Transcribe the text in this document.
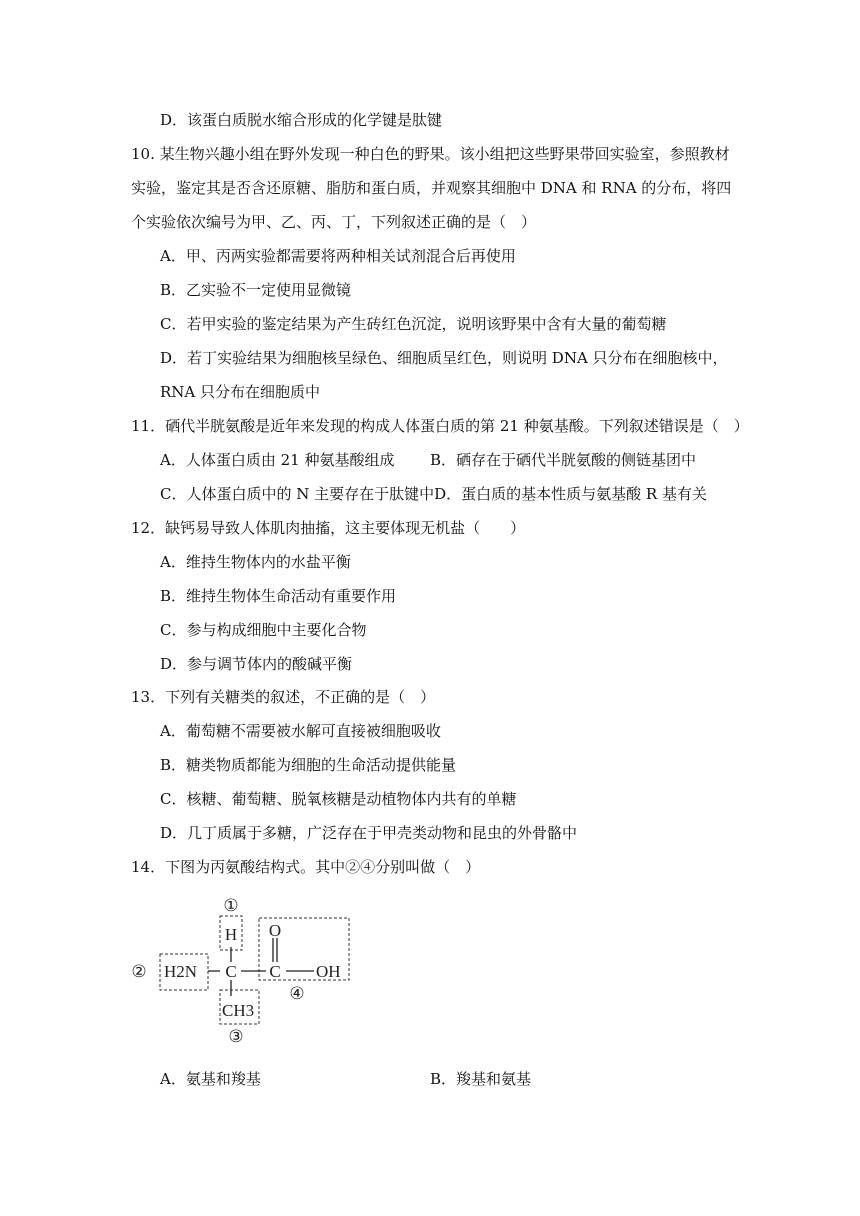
D．该蛋白质脱水缩合形成的化学键是肽键
10. 某生物兴趣小组在野外发现一种白色的野果。该小组把这些野果带回实验室，参照教材
实验，鉴定其是否含还原糖、脂肪和蛋白质，并观察其细胞中 DNA 和 RNA 的分布，将四
个实验依次编号为甲、乙、丙、丁，下列叙述正确的是（　）
A．甲、丙两实验都需要将两种相关试剂混合后再使用
B．乙实验不一定使用显微镜
C．若甲实验的鉴定结果为产生砖红色沉淀，说明该野果中含有大量的葡萄糖
D．若丁实验结果为细胞核呈绿色、细胞质呈红色，则说明 DNA 只分布在细胞核中，
RNA 只分布在细胞质中
11．硒代半胱氨酸是近年来发现的构成人体蛋白质的第 21 种氨基酸。下列叙述错误是（　）
A．人体蛋白质由 21 种氨基酸组成 B．硒存在于硒代半胱氨酸的侧链基团中
C．人体蛋白质中的 N 主要存在于肽键中D．蛋白质的基本性质与氨基酸 R 基有关
12．缺钙易导致人体肌肉抽搐，这主要体现无机盐（　　）
A．维持生物体内的水盐平衡
B．维持生物体生命活动有重要作用
C．参与构成细胞中主要化合物
D．参与调节体内的酸碱平衡
13．下列有关糖类的叙述，不正确的是（　）
A．葡萄糖不需要被水解可直接被细胞吸收
B．糖类物质都能为细胞的生命活动提供能量
C．核糖、葡萄糖、脱氧核糖是动植物体内共有的单糖
D．几丁质属于多糖，广泛存在于甲壳类动物和昆虫的外骨骼中
14．下图为丙氨酸结构式。其中②④分别叫做（　）
①
H O
② H2N C C OH
④
CH3
③
A．氨基和羧基	B．羧基和氨基
